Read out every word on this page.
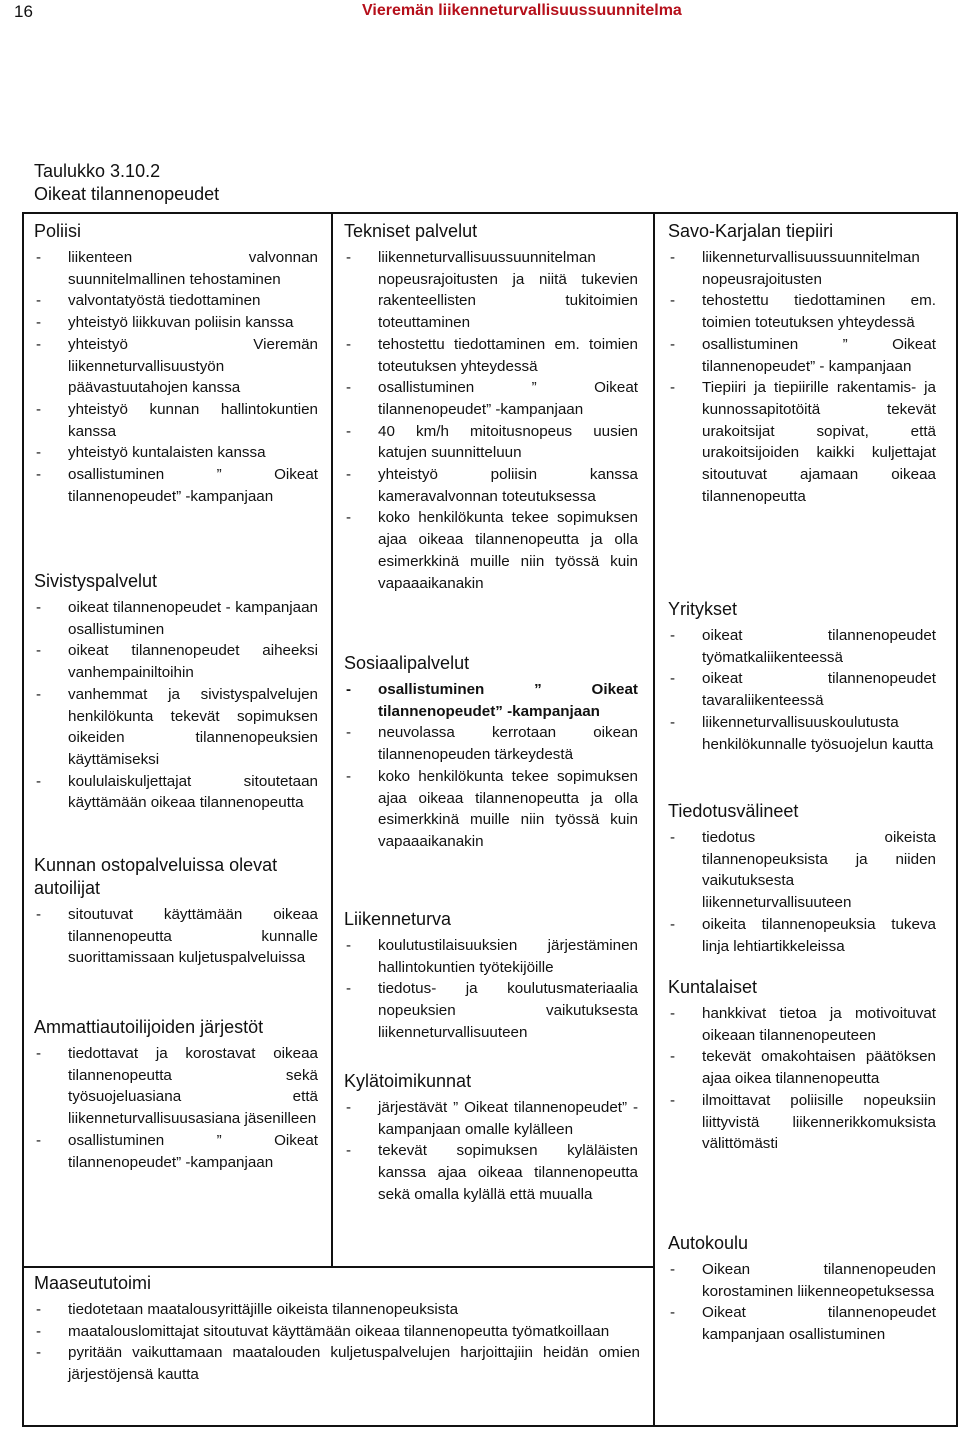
16	Vieremän liikenneturvallisuussuunnitelma
Taulukko 3.10.2
Oikeat tilannenopeudet
Poliisi
- liikenteen valvonnan suunnitelmallinen tehostaminen
- valvontatyöstä tiedottaminen
- yhteistyö liikkuvan poliisin kanssa
- yhteistyö Vieremän liikenneturvallisuustyön päävastuutahojen kanssa
- yhteistyö kunnan hallintokuntien kanssa
- yhteistyö kuntalaisten kanssa
- osallistuminen ” Oikeat tilannenopeudet” -kampanjaan
Sivistyspalvelut
- oikeat tilannenopeudet - kampanjaan osallistuminen
- oikeat tilannenopeudet aiheeksi vanhempainiltoihin
- vanhemmat ja sivistyspalvelujen henkilökunta tekevät sopimuksen oikeiden tilannenopeuksien käyttämiseksi
- koululaiskuljettajat sitoutetaan käyttämään oikeaa tilannenopeutta
Kunnan ostopalveluissa olevat autoilijat
- sitoutuvat käyttämään oikeaa tilannenopeutta kunnalle suorittamissaan kuljetuspalveluissa
Ammattiautoilijoiden järjestöt
- tiedottavat ja korostavat oikeaa tilannenopeutta sekä työsuojeluasiana että liikenneturvallisuusasiana jäsenilleen
- osallistuminen ” Oikeat tilannenopeudet” -kampanjaan
Tekniset palvelut
- liikenneturvallisuussuunnitelman nopeusrajoitusten ja niitä tukevien rakenteellisten tukitoimien toteuttaminen
- tehostettu tiedottaminen em. toimien toteutuksen yhteydessä
- osallistuminen ” Oikeat tilannenopeudet” -kampanjaan
- 40 km/h mitoitusnopeus uusien katujen suunnitteluun
- yhteistyö poliisin kanssa kameravalvonnan toteutuksessa
- koko henkilökunta tekee sopimuksen ajaa oikeaa tilannenopeutta ja olla esimerkkinä muille niin työssä kuin vapaaaikanakin
Sosiaalipalvelut
- osallistuminen ” Oikeat tilannenopeudet” -kampanjaan
- neuvolassa kerrotaan oikean tilannenopeuden tärkeydestä
- koko henkilökunta tekee sopimuksen ajaa oikeaa tilannenopeutta ja olla esimerkkinä muille niin työssä kuin vapaaaikanakin
Liikenneturva
- koulutustilaisuuksien järjestäminen hallintokuntien työtekijöille
- tiedotus- ja koulutusmateriaalia nopeuksien vaikutuksesta liikenneturvallisuuteen
Kylätoimikunnat
- järjestävät ” Oikeat tilannenopeudet” -kampanjaan omalle kylälleen
- tekevät sopimuksen kyläläisten kanssa ajaa oikeaa tilannenopeutta sekä omalla kylällä että muualla
Savo-Karjalan tiepiiri
- liikenneturvallisuussuunnitelman nopeusrajoitusten
- tehostettu tiedottaminen em. toimien toteutuksen yhteydessä
- osallistuminen ” Oikeat tilannenopeudet” - kampanjaan
- Tiepiiri ja tiepiirille rakentamis- ja kunnossapitotöitä tekevät urakoitsijat sopivat, että urakoitsijoiden kaikki kuljettajat sitoutuvat ajamaan oikeaa tilannenopeutta
Yritykset
- oikeat tilannenopeudet työmatkaliikenteessä
- oikeat tilannenopeudet tavaraliikenteessä
- liikenneturvallisuuskoulutusta henkilökunnalle työsuojelun kautta
Tiedotusvälineet
- tiedotus oikeista tilannenopeuksista ja niiden vaikutuksesta liikenneturvallisuuteen
- oikeita tilannenopeuksia tukeva linja lehtiartikkeleissa
Kuntalaiset
- hankkivat tietoa ja motivoituvat oikeaan tilannenopeuteen
- tekevät omakohtaisen päätöksen ajaa oikea tilannenopeutta
- ilmoittavat poliisille nopeuksiin liittyvistä liikennerikkomuksista välittömästi
Autokoulu
- Oikean tilannenopeuden korostaminen liikenneopetuksessa
- Oikeat tilannenopeudet kampanjaan osallistuminen
Maaseututoimi
- tiedotetaan maatalousyrittäjille oikeista tilannenopeuksista
- maatalouslomittajat sitoutuvat käyttämään oikeaa tilannenopeutta työmatkoillaan
- pyritään vaikuttamaan maatalouden kuljetuspalvelujen harjoittajiin heidän omien järjestöjensä kautta
